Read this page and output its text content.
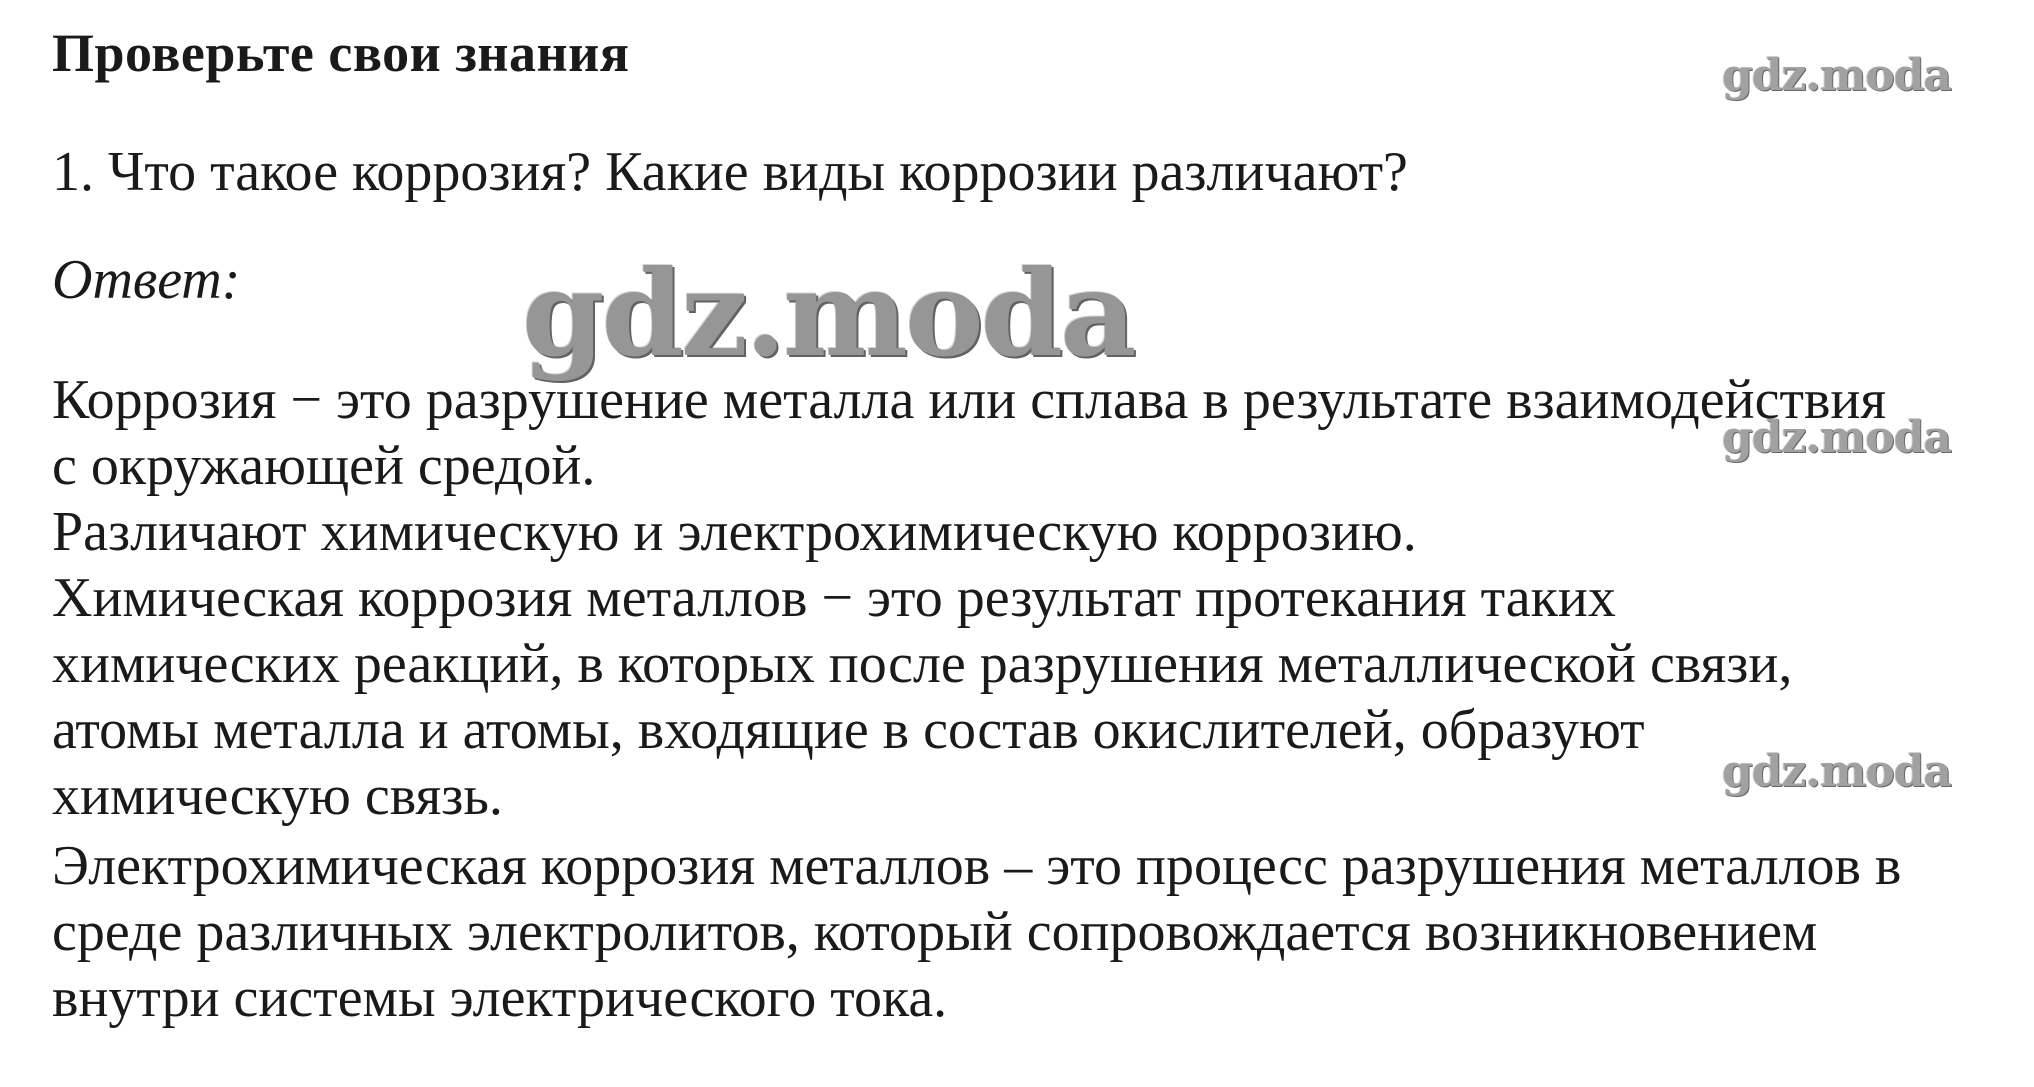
Проверьте свои знания
1. Что такое коррозия? Какие виды коррозии различают?
Ответ:
Коррозия − это разрушение металла или сплава в результате взаимодействия
с окружающей средой.
Различают химическую и электрохимическую коррозию.
Химическая коррозия металлов − это результат протекания таких
химических реакций, в которых после разрушения металлической связи,
атомы металла и атомы, входящие в состав окислителей, образуют
химическую связь.
Электрохимическая коррозия металлов – это процесс разрушения металлов в
среде различных электролитов, который сопровождается возникновением
внутри системы электрического тока.
gdz.moda
gdz.moda
gdz.moda
gdz.moda
